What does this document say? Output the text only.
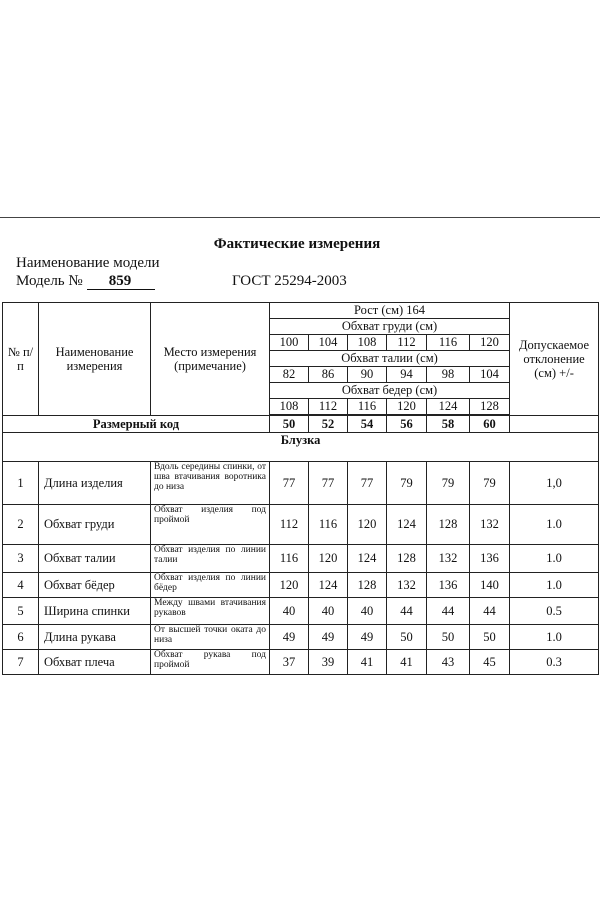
Фактические измерения
Наименование модели
Модель № 859	ГОСТ 25294-2003
№ п/п	Наименование измерения	Место измерения (примечание)	Рост (см) 164						Допускаемое отклонение (см) +/-
			Обхват груди (см)						
			100	104	108	112	116	120	
			Обхват талии (см)						
			82	86	90	94	98	104	
			Обхват бедер (см)						
			108	112	116	120	124	128	

Размерный код			50	52	54	56	58	60	
Блузка									
1	Длина изделия	Вдоль середины спинки, от шва втачивания воротника до низа	77	77	77	79	79	79	1,0
2	Обхват груди	Обхват изделия под проймой	112	116	120	124	128	132	1.0
3	Обхват талии	Обхват изделия по линии талии	116	120	124	128	132	136	1.0
4	Обхват бёдер	Обхват изделия по линии бёдер	120	124	128	132	136	140	1.0
5	Ширина спинки	Между швами втачивания рукавов	40	40	40	44	44	44	0.5
6	Длина рукава	От высшей точки оката до низа	49	49	49	50	50	50	1.0
7	Обхват плеча	Обхват рукава под проймой	37	39	41	41	43	45	0.3
